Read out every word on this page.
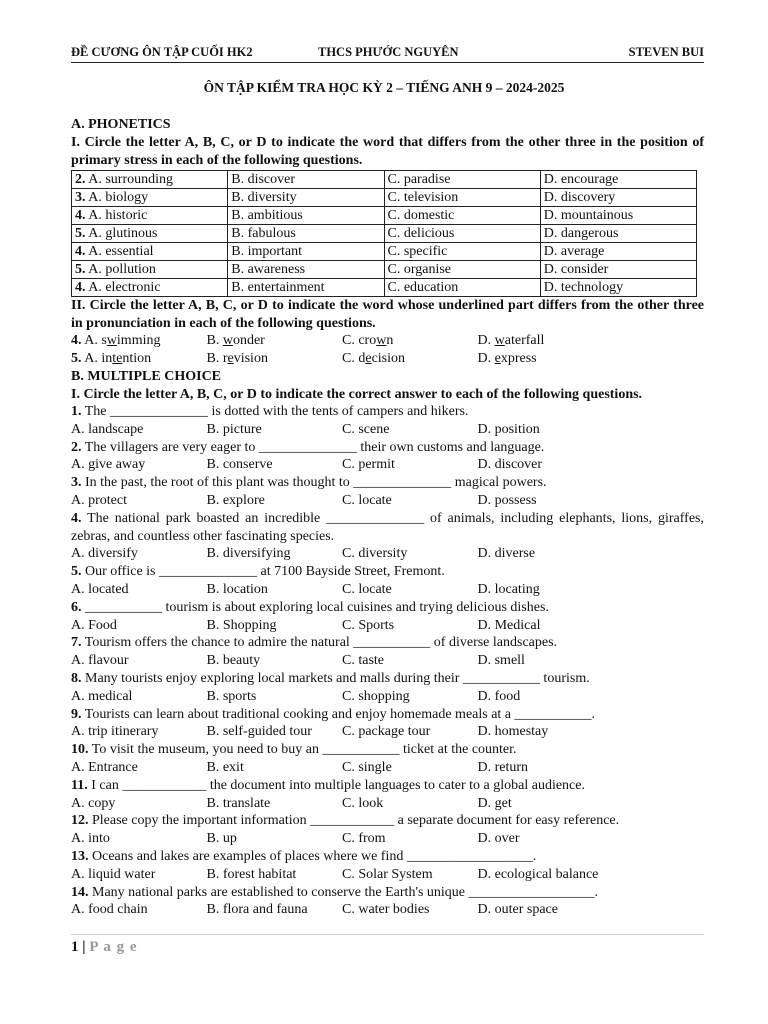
ĐỀ CƯƠNG ÔN TẬP CUỐI HK2	THCS PHƯỚC NGUYÊN	STEVEN BUI
ÔN TẬP KIỂM TRA HỌC KỲ 2 – TIẾNG ANH 9 – 2024-2025
A. PHONETICS
I. Circle the letter A, B, C, or D to indicate the word that differs from the other three in the position of primary stress in each of the following questions.
2. A. surrounding	B. discover	C. paradise	D. encourage
3. A. biology	B. diversity	C. television	D. discovery
4. A. historic	B. ambitious	C. domestic	D. mountainous
5. A. glutinous	B. fabulous	C. delicious	D. dangerous
4. A. essential	B. important	C. specific	D. average
5. A. pollution	B. awareness	C. organise	D. consider
4. A. electronic	B. entertainment	C. education	D. technology
II. Circle the letter A, B, C, or D to indicate the word whose underlined part differs from the other three in pronunciation in each of the following questions.
4. A. swimming	B. wonder	C. crown	D. waterfall
5. A. intention	B. revision	C. decision	D. express
B. MULTIPLE CHOICE
I. Circle the letter A, B, C, or D to indicate the correct answer to each of the following questions.
1. The ______________ is dotted with the tents of campers and hikers.
A. landscape	B. picture	C. scene	D. position
2. The villagers are very eager to ______________ their own customs and language.
A. give away	B. conserve	C. permit	D. discover
3. In the past, the root of this plant was thought to ______________ magical powers.
A. protect	B. explore	C. locate	D. possess
4. The national park boasted an incredible ______________ of animals, including elephants, lions, giraffes, zebras, and countless other fascinating species.
A. diversify	B. diversifying	C. diversity	D. diverse
5. Our office is ______________ at 7100 Bayside Street, Fremont.
A. located	B. location	C. locate	D. locating
6. ___________ tourism is about exploring local cuisines and trying delicious dishes.
A. Food	B. Shopping	C. Sports	D. Medical
7. Tourism offers the chance to admire the natural ___________ of diverse landscapes.
A. flavour	B. beauty	C. taste	D. smell
8. Many tourists enjoy exploring local markets and malls during their ___________ tourism.
A. medical	B. sports	C. shopping	D. food
9. Tourists can learn about traditional cooking and enjoy homemade meals at a ___________.
A. trip itinerary	B. self-guided tour	C. package tour	D. homestay
10. To visit the museum, you need to buy an ___________ ticket at the counter.
A. Entrance	B. exit	C. single	D. return
11. I can ____________ the document into multiple languages to cater to a global audience.
A. copy	B. translate	C. look	D. get
12. Please copy the important information ____________ a separate document for easy reference.
A. into	B. up	C. from	D. over
13. Oceans and lakes are examples of places where we find __________________.
A. liquid water	B. forest habitat	C. Solar System	D. ecological balance
14. Many national parks are established to conserve the Earth's unique __________________.
A. food chain	B. flora and fauna	C. water bodies	D. outer space
1 | P a g e
